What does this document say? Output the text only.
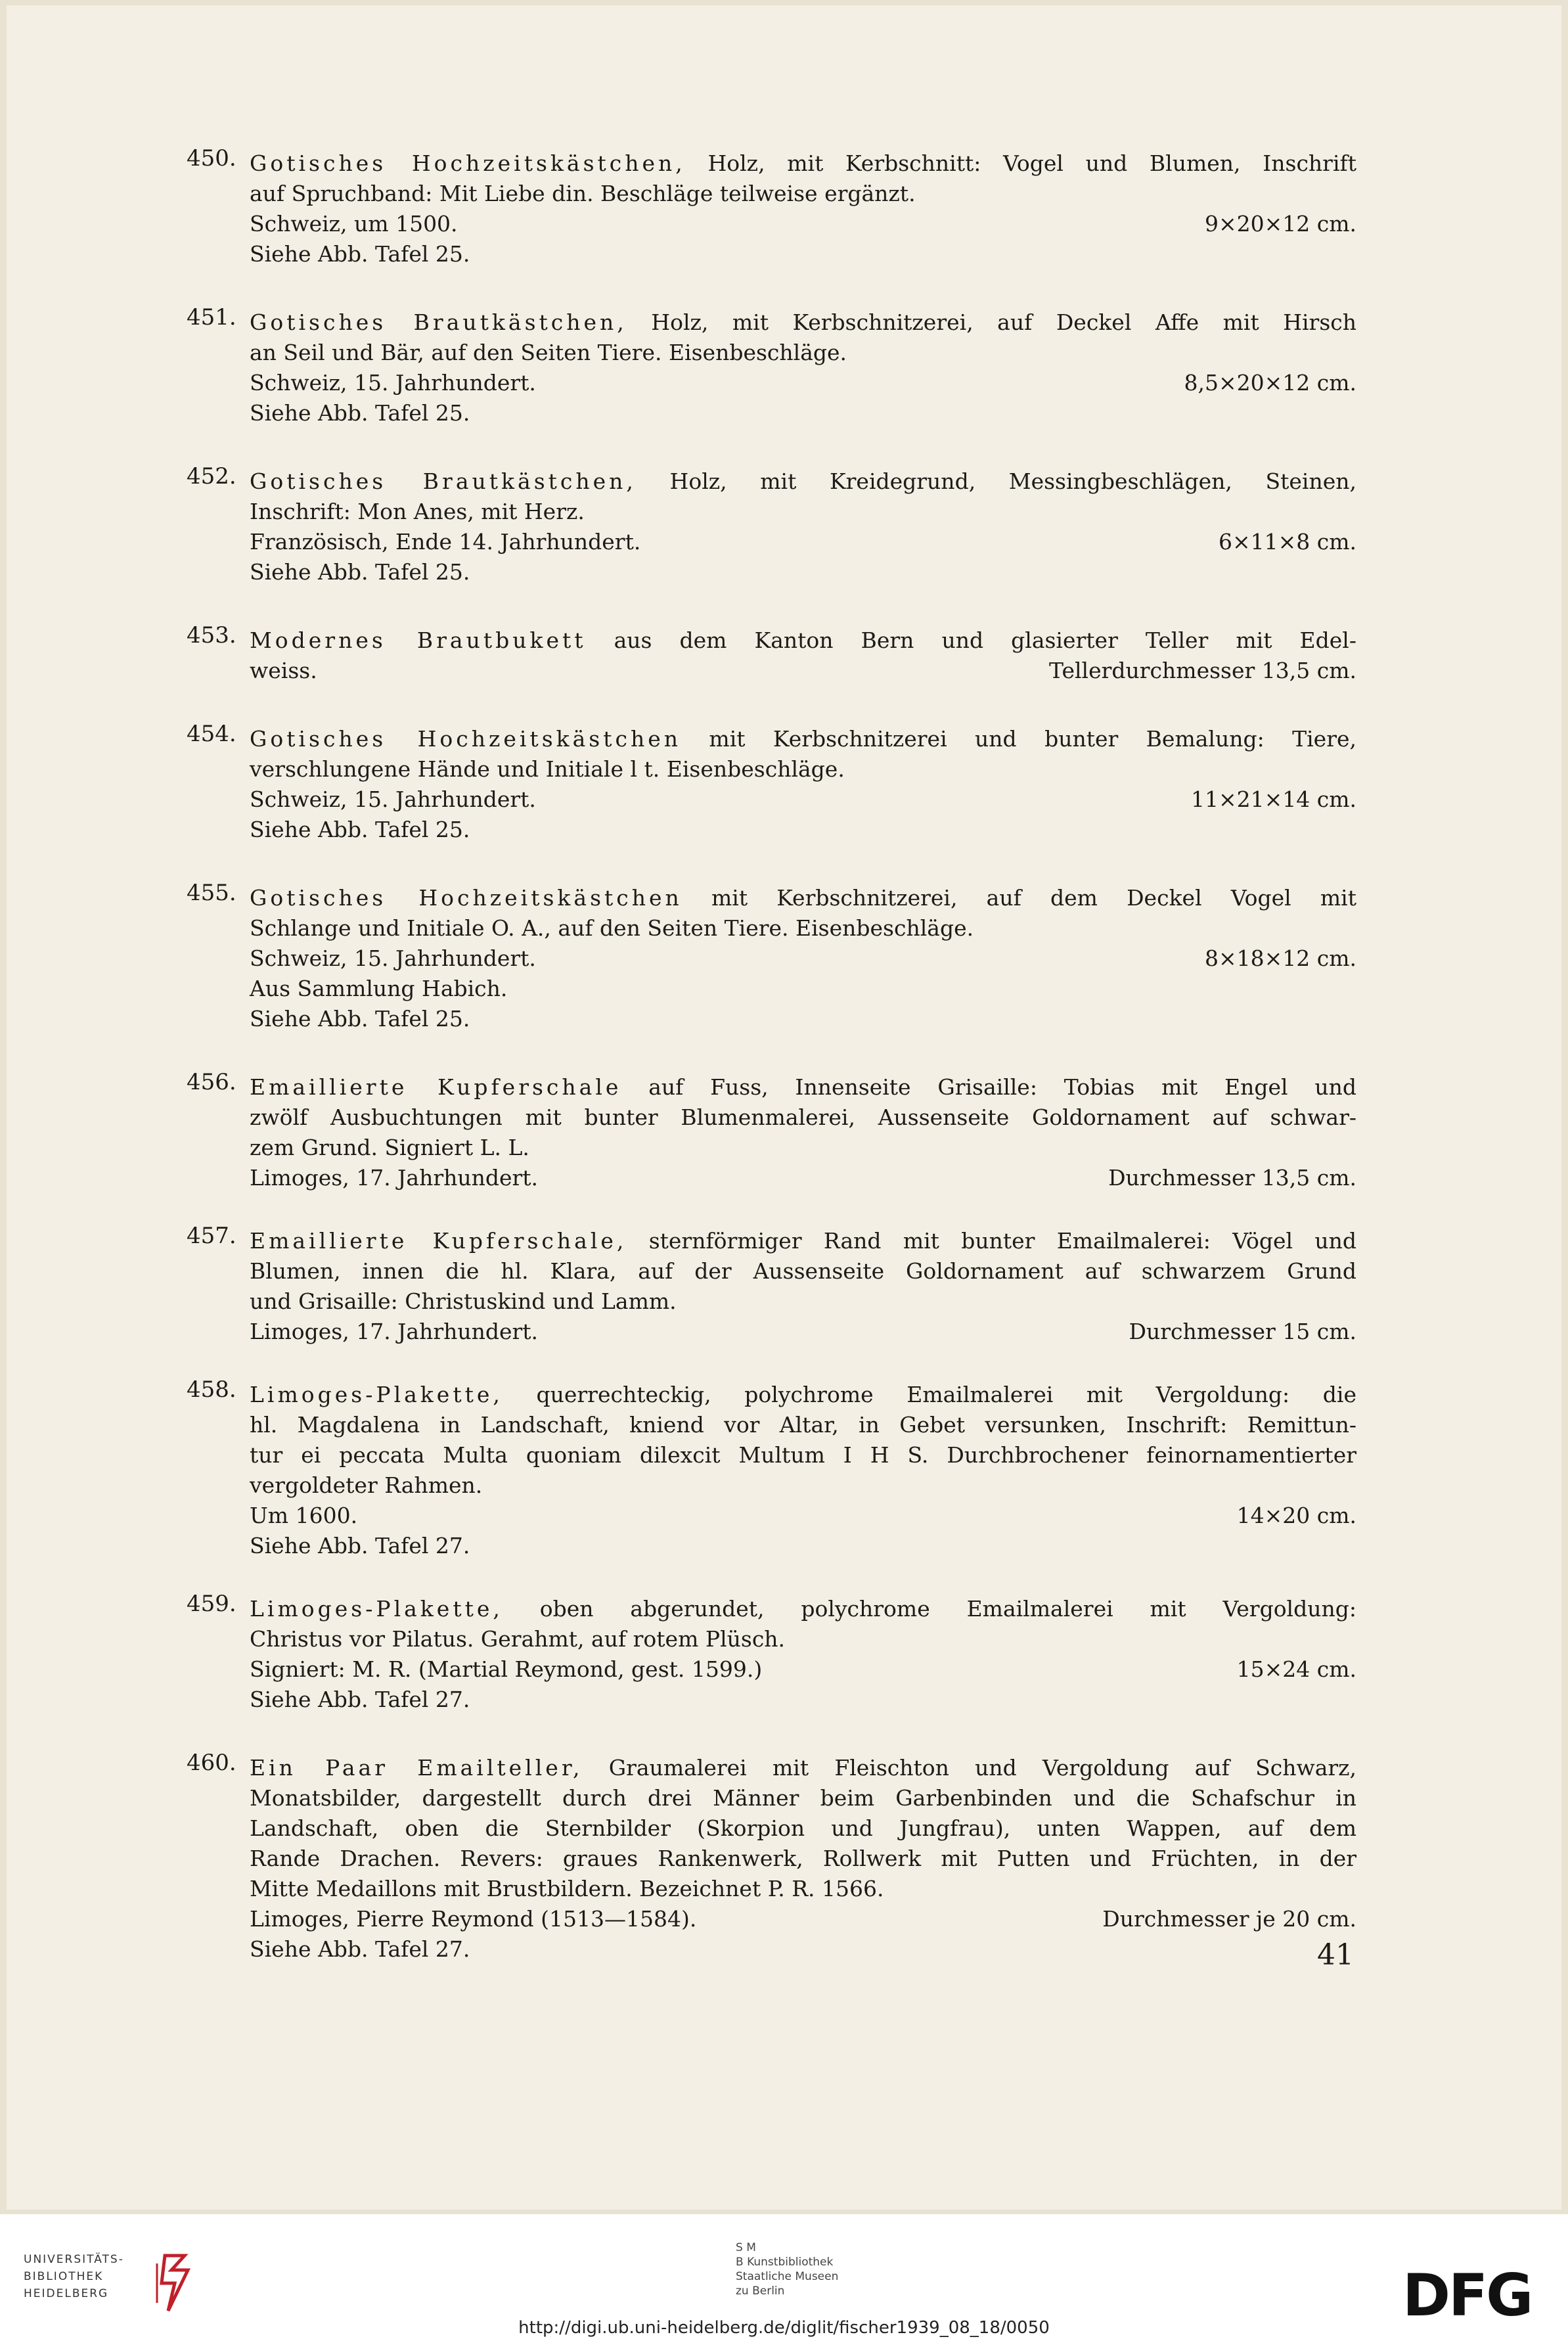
450. Gotisches Hochzeitskästchen, Holz, mit Kerbschnitt: Vogel und Blumen, Inschrift

auf Spruchband: Mit Liebe din. Beschläge teilweise ergänzt.

Schweiz, um 1500.	9×20×12 cm.

Siehe Abb. Tafel 25.

451. Gotisches Brautkästchen, Holz, mit Kerbschnitzerei, auf Deckel Affe mit Hirsch

an Seil und Bär, auf den Seiten Tiere. Eisenbeschläge.

Schweiz, 15. Jahrhundert.	8,5×20×12 cm.

Siehe Abb. Tafel 25.

452. Gotisches Brautkästchen, Holz, mit Kreidegrund, Messingbeschlägen, Steinen,

Inschrift: Mon Anes, mit Herz.

Französisch, Ende 14. Jahrhundert.	6×11×8 cm.

Siehe Abb. Tafel 25.

453. Modernes Brautbukett aus dem Kanton Bern und glasierter Teller mit Edel-

weiss.	Tellerdurchmesser 13,5 cm.
454. Gotisches Hochzeitskästchen mit Kerbschnitzerei und bunter Bemalung: Tiere,

verschlungene Hände und Initiale l t. Eisenbeschläge.

Schweiz, 15. Jahrhundert.	11×21×14 cm.

Siehe Abb. Tafel 25.

455. Gotisches Hochzeitskästchen mit Kerbschnitzerei, auf dem Deckel Vogel mit

Schlange und Initiale O. A., auf den Seiten Tiere. Eisenbeschläge.

Schweiz, 15. Jahrhundert.	8×18×12 cm.

Aus Sammlung Habich.

Siehe Abb. Tafel 25.

456. Emaillierte Kupferschale auf Fuss, Innenseite Grisaille: Tobias mit Engel und

zwölf Ausbuchtungen mit bunter Blumenmalerei, Aussenseite Goldornament auf schwar-

zem Grund. Signiert L. L.

Limoges, 17. Jahrhundert.	Durchmesser 13,5 cm.
457. Emaillierte Kupferschale, sternförmiger Rand mit bunter Emailmalerei: Vögel und

Blumen, innen die hl. Klara, auf der Aussenseite Goldornament auf schwarzem Grund

und Grisaille: Christuskind und Lamm.

Limoges, 17. Jahrhundert.	Durchmesser 15 cm.
458. Limoges-Plakette, querrechteckig, polychrome Emailmalerei mit Vergoldung: die

hl. Magdalena in Landschaft, kniend vor Altar, in Gebet versunken, Inschrift: Remittun-

tur ei peccata Multa quoniam dilexcit Multum I H S. Durchbrochener feinornamentierter

vergoldeter Rahmen.

Um 1600.	14×20 cm.

Siehe Abb. Tafel 27.

459. Limoges-Plakette, oben abgerundet, polychrome Emailmalerei mit Vergoldung:

Christus vor Pilatus. Gerahmt, auf rotem Plüsch.

Signiert: M. R. (Martial Reymond, gest. 1599.)	15×24 cm.

Siehe Abb. Tafel 27.

460. Ein Paar Emailteller, Graumalerei mit Fleischton und Vergoldung auf Schwarz,

Monatsbilder, dargestellt durch drei Männer beim Garbenbinden und die Schafschur in

Landschaft, oben die Sternbilder (Skorpion und Jungfrau), unten Wappen, auf dem

Rande Drachen. Revers: graues Rankenwerk, Rollwerk mit Putten und Früchten, in der

Mitte Medaillons mit Brustbildern. Bezeichnet P. R. 1566.

Limoges, Pierre Reymond (1513—1584).	Durchmesser je 20 cm.

Siehe Abb. Tafel 27.	41
UNIVERSITÄTS-
BIBLIOTHEK
HEIDELBERG
S M
B Kunstbibliothek
Staatliche Museen
zu Berlin	DFG
http://digi.ub.uni-heidelberg.de/diglit/fischer1939_08_18/0050
